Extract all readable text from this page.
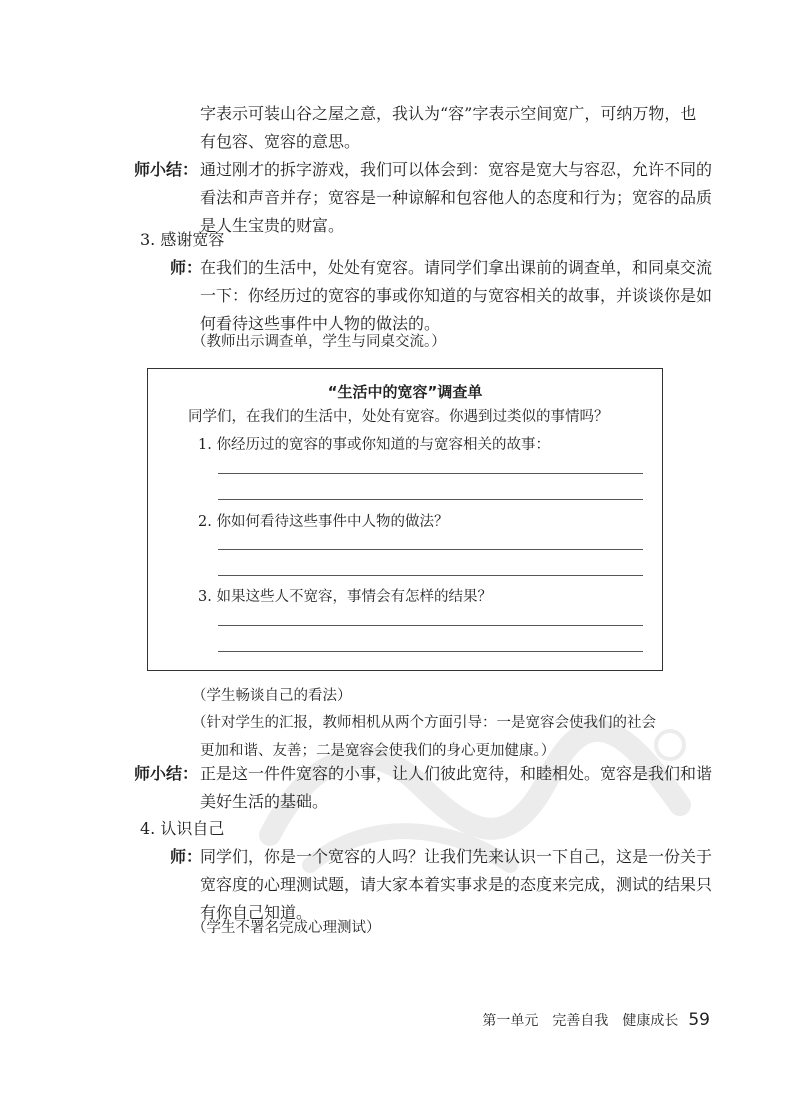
字表示可装山谷之屋之意，我认为“容”字表示空间宽广，可纳万物，也
有包容、宽容的意思。
师小结： 通过刚才的拆字游戏，我们可以体会到：宽容是宽大与容忍，允许不同的
看法和声音并存；宽容是一种谅解和包容他人的态度和行为；宽容的品质
是人生宝贵的财富。
3. 感谢宽容
师：
在我们的生活中，处处有宽容。请同学们拿出课前的调查单，和同桌交流
一下：你经历过的宽容的事或你知道的与宽容相关的故事，并谈谈你是如
何看待这些事件中人物的做法的。
（教师出示调查单，学生与同桌交流。）
“生活中的宽容”调查单
同学们，在我们的生活中，处处有宽容。你遇到过类似的事情吗？
1. 你经历过的宽容的事或你知道的与宽容相关的故事：
2. 你如何看待这些事件中人物的做法？
3. 如果这些人不宽容，事情会有怎样的结果？
（学生畅谈自己的看法）
（针对学生的汇报，教师相机从两个方面引导：一是宽容会使我们的社会
更加和谐、友善；二是宽容会使我们的身心更加健康。）
师小结： 正是这一件件宽容的小事，让人们彼此宽待，和睦相处。宽容是我们和谐
美好生活的基础。
4. 认识自己
师：
同学们，你是一个宽容的人吗？让我们先来认识一下自己，这是一份关于
宽容度的心理测试题，请大家本着实事求是的态度来完成，测试的结果只
有你自己知道。
（学生不署名完成心理测试）
第一单元　完善自我　健康成长 59
